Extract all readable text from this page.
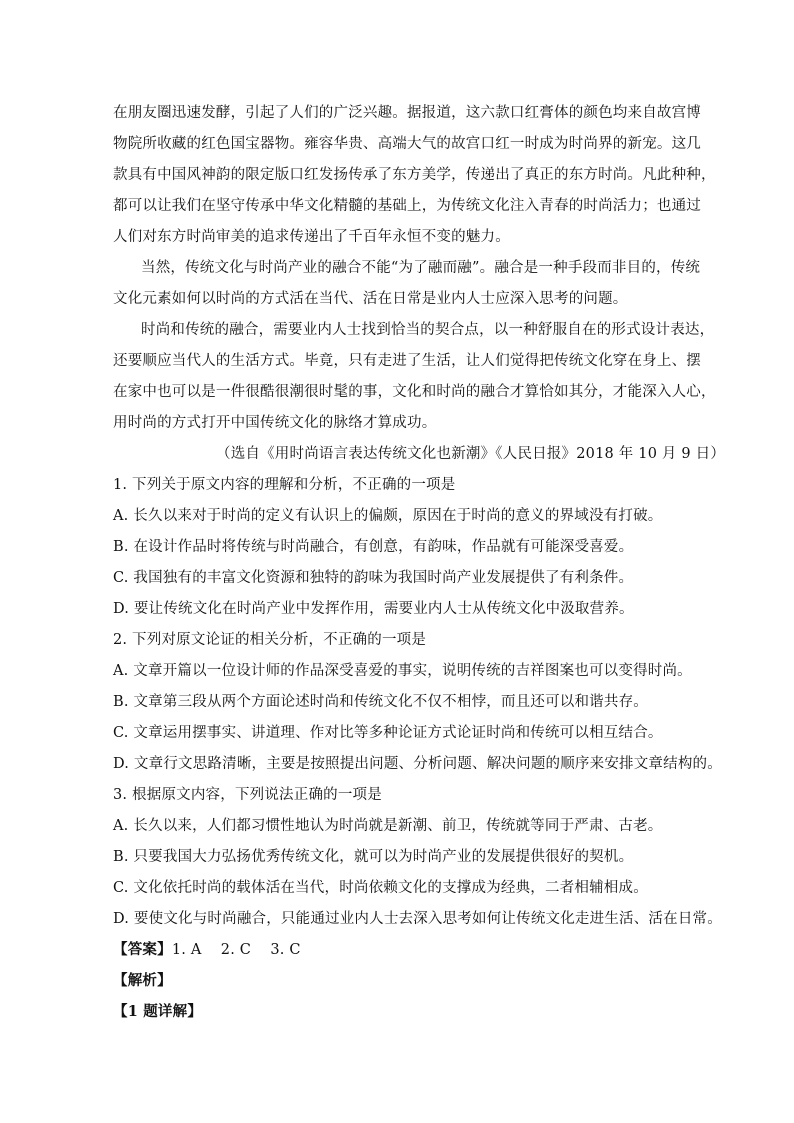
在朋友圈迅速发酵，引起了人们的广泛兴趣。据报道，这六款口红膏体的颜色均来自故宫博
物院所收藏的红色国宝器物。雍容华贵、高端大气的故宫口红一时成为时尚界的新宠。这几
款具有中国风神韵的限定版口红发扬传承了东方美学，传递出了真正的东方时尚。凡此种种，
都可以让我们在坚守传承中华文化精髓的基础上，为传统文化注入青春的时尚活力；也通过
人们对东方时尚审美的追求传递出了千百年永恒不变的魅力。
当然，传统文化与时尚产业的融合不能“为了融而融”。融合是一种手段而非目的，传统
文化元素如何以时尚的方式活在当代、活在日常是业内人士应深入思考的问题。
时尚和传统的融合，需要业内人士找到恰当的契合点，以一种舒服自在的形式设计表达，
还要顺应当代人的生活方式。毕竟，只有走进了生活，让人们觉得把传统文化穿在身上、摆
在家中也可以是一件很酷很潮很时髦的事，文化和时尚的融合才算恰如其分，才能深入人心，
用时尚的方式打开中国传统文化的脉络才算成功。
（选自《用时尚语言表达传统文化也新潮》《人民日报》2018 年 10 月 9 日）
1. 下列关于原文内容的理解和分析，不正确的一项是
A. 长久以来对于时尚的定义有认识上的偏颇，原因在于时尚的意义的界域没有打破。
B. 在设计作品时将传统与时尚融合，有创意，有韵味，作品就有可能深受喜爱。
C. 我国独有的丰富文化资源和独特的韵味为我国时尚产业发展提供了有利条件。
D. 要让传统文化在时尚产业中发挥作用，需要业内人士从传统文化中汲取营养。
2. 下列对原文论证的相关分析，不正确的一项是
A. 文章开篇以一位设计师的作品深受喜爱的事实，说明传统的吉祥图案也可以变得时尚。
B. 文章第三段从两个方面论述时尚和传统文化不仅不相悖，而且还可以和谐共存。
C. 文章运用摆事实、讲道理、作对比等多种论证方式论证时尚和传统可以相互结合。
D. 文章行文思路清晰，主要是按照提出问题、分析问题、解决问题的顺序来安排文章结构的。
3. 根据原文内容，下列说法正确的一项是
A. 长久以来，人们都习惯性地认为时尚就是新潮、前卫，传统就等同于严肃、古老。
B. 只要我国大力弘扬优秀传统文化，就可以为时尚产业的发展提供很好的契机。
C. 文化依托时尚的载体活在当代，时尚依赖文化的支撑成为经典，二者相辅相成。
D. 要使文化与时尚融合，只能通过业内人士去深入思考如何让传统文化走进生活、活在日常。
【答案】1. A    2. C    3. C
【解析】
【1 题详解】
